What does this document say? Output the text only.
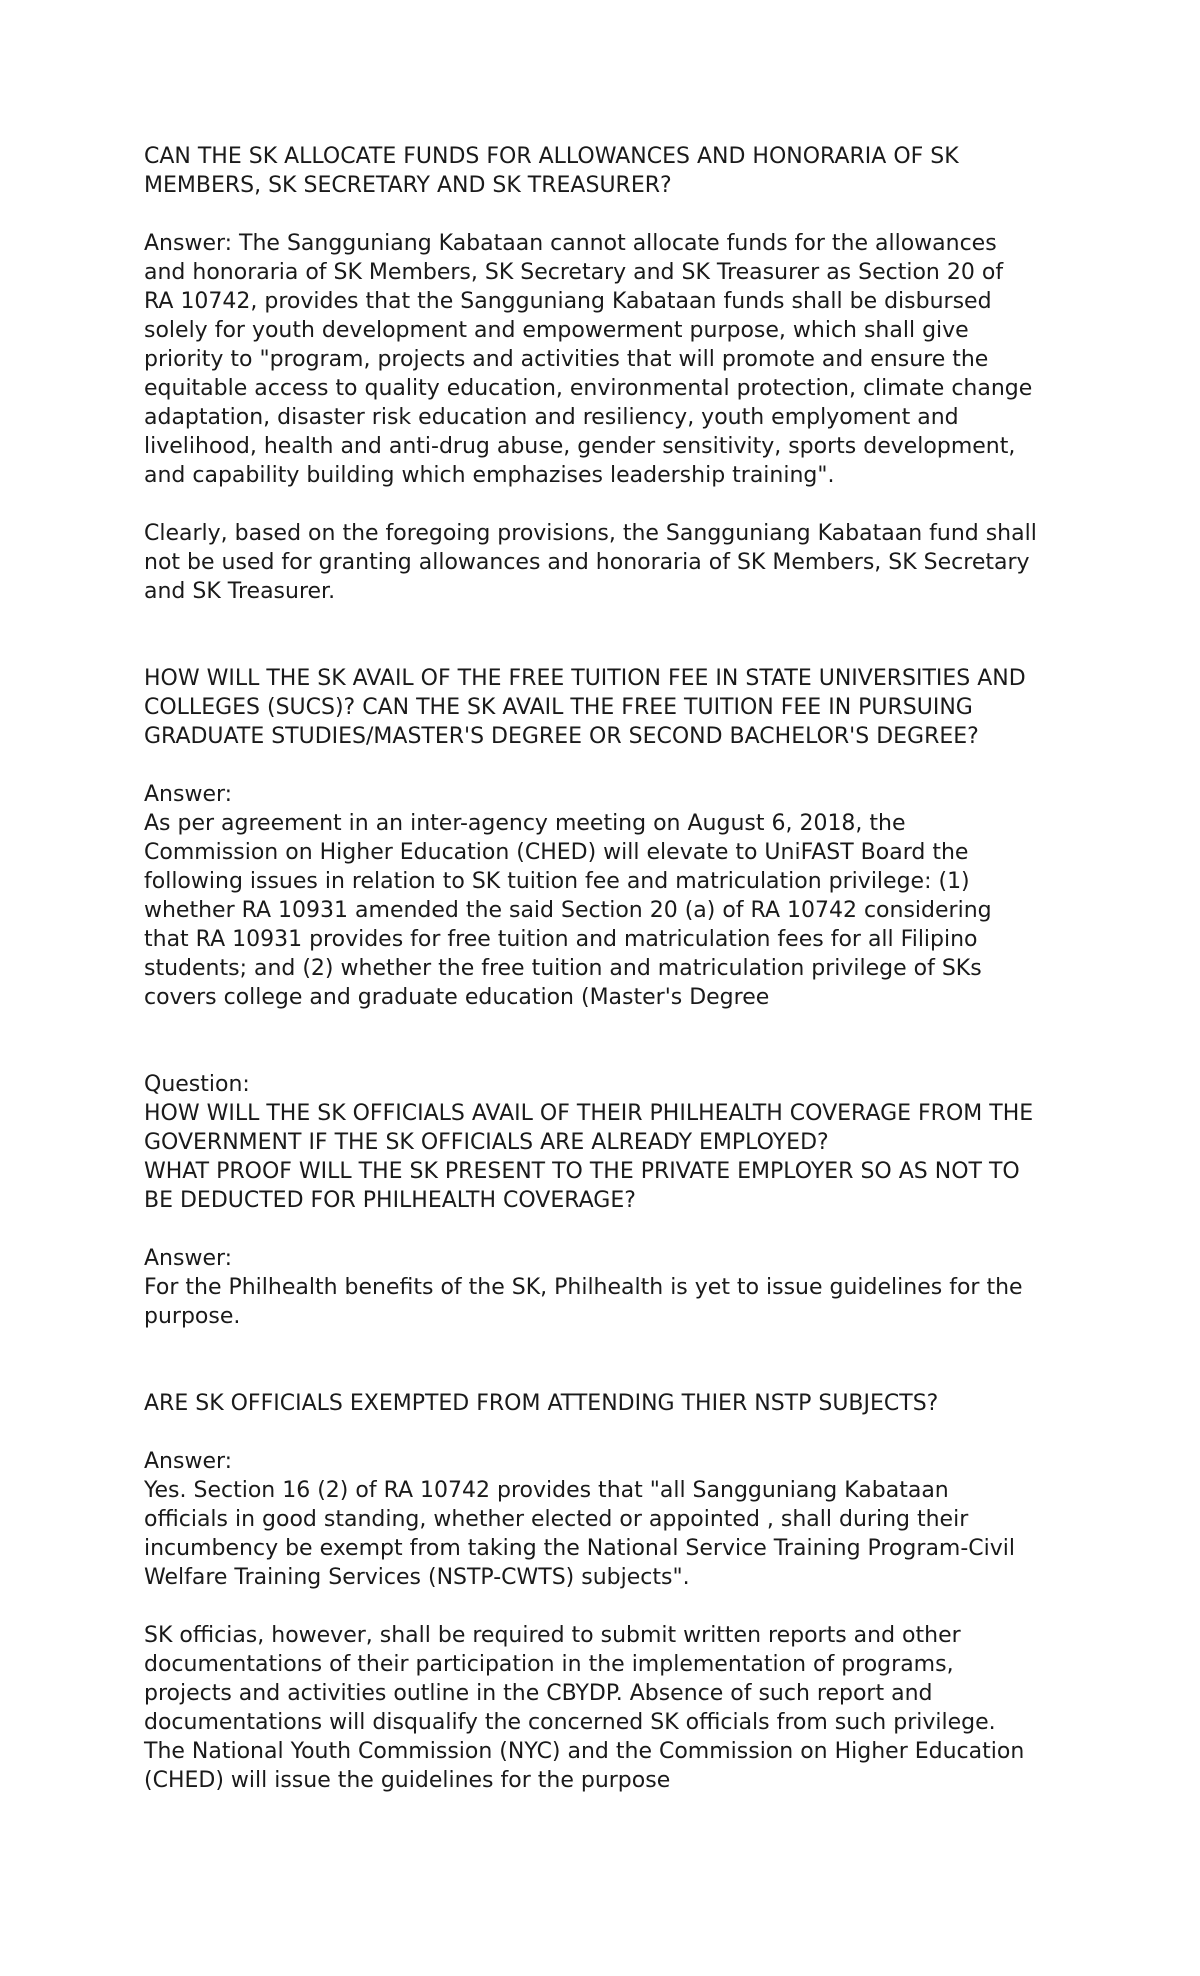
CAN THE SK ALLOCATE FUNDS FOR ALLOWANCES AND HONORARIA OF SK
MEMBERS, SK SECRETARY AND SK TREASURER?
Answer: The Sangguniang Kabataan cannot allocate funds for the allowances
and honoraria of SK Members, SK Secretary and SK Treasurer as Section 20 of
RA 10742, provides that the Sangguniang Kabataan funds shall be disbursed
solely for youth development and empowerment purpose, which shall give
priority to "program, projects and activities that will promote and ensure the
equitable access to quality education, environmental protection, climate change
adaptation, disaster risk education and resiliency, youth emplyoment and
livelihood, health and anti-drug abuse, gender sensitivity, sports development,
and capability building which emphazises leadership training".
Clearly, based on the foregoing provisions, the Sangguniang Kabataan fund shall
not be used for granting allowances and honoraria of SK Members, SK Secretary
and SK Treasurer.
HOW WILL THE SK AVAIL OF THE FREE TUITION FEE IN STATE UNIVERSITIES AND
COLLEGES (SUCS)? CAN THE SK AVAIL THE FREE TUITION FEE IN PURSUING
GRADUATE STUDIES/MASTER'S DEGREE OR SECOND BACHELOR'S DEGREE?
Answer:
As per agreement in an inter-agency meeting on August 6, 2018, the
Commission on Higher Education (CHED) will elevate to UniFAST Board the
following issues in relation to SK tuition fee and matriculation privilege: (1)
whether RA 10931 amended the said Section 20 (a) of RA 10742 considering
that RA 10931 provides for free tuition and matriculation fees for all Filipino
students; and (2) whether the free tuition and matriculation privilege of SKs
covers college and graduate education (Master's Degree
Question:
HOW WILL THE SK OFFICIALS AVAIL OF THEIR PHILHEALTH COVERAGE FROM THE
GOVERNMENT IF THE SK OFFICIALS ARE ALREADY EMPLOYED?
WHAT PROOF WILL THE SK PRESENT TO THE PRIVATE EMPLOYER SO AS NOT TO
BE DEDUCTED FOR PHILHEALTH COVERAGE?
Answer:
For the Philhealth benefits of the SK, Philhealth is yet to issue guidelines for the
purpose.
ARE SK OFFICIALS EXEMPTED FROM ATTENDING THIER NSTP SUBJECTS?
Answer:
Yes. Section 16 (2) of RA 10742 provides that "all Sangguniang Kabataan
officials in good standing, whether elected or appointed , shall during their
incumbency be exempt from taking the National Service Training Program-Civil
Welfare Training Services (NSTP-CWTS) subjects".
SK officias, however, shall be required to submit written reports and other
documentations of their participation in the implementation of programs,
projects and activities outline in the CBYDP. Absence of such report and
documentations will disqualify the concerned SK officials from such privilege.
The National Youth Commission (NYC) and the Commission on Higher Education
(CHED) will issue the guidelines for the purpose
